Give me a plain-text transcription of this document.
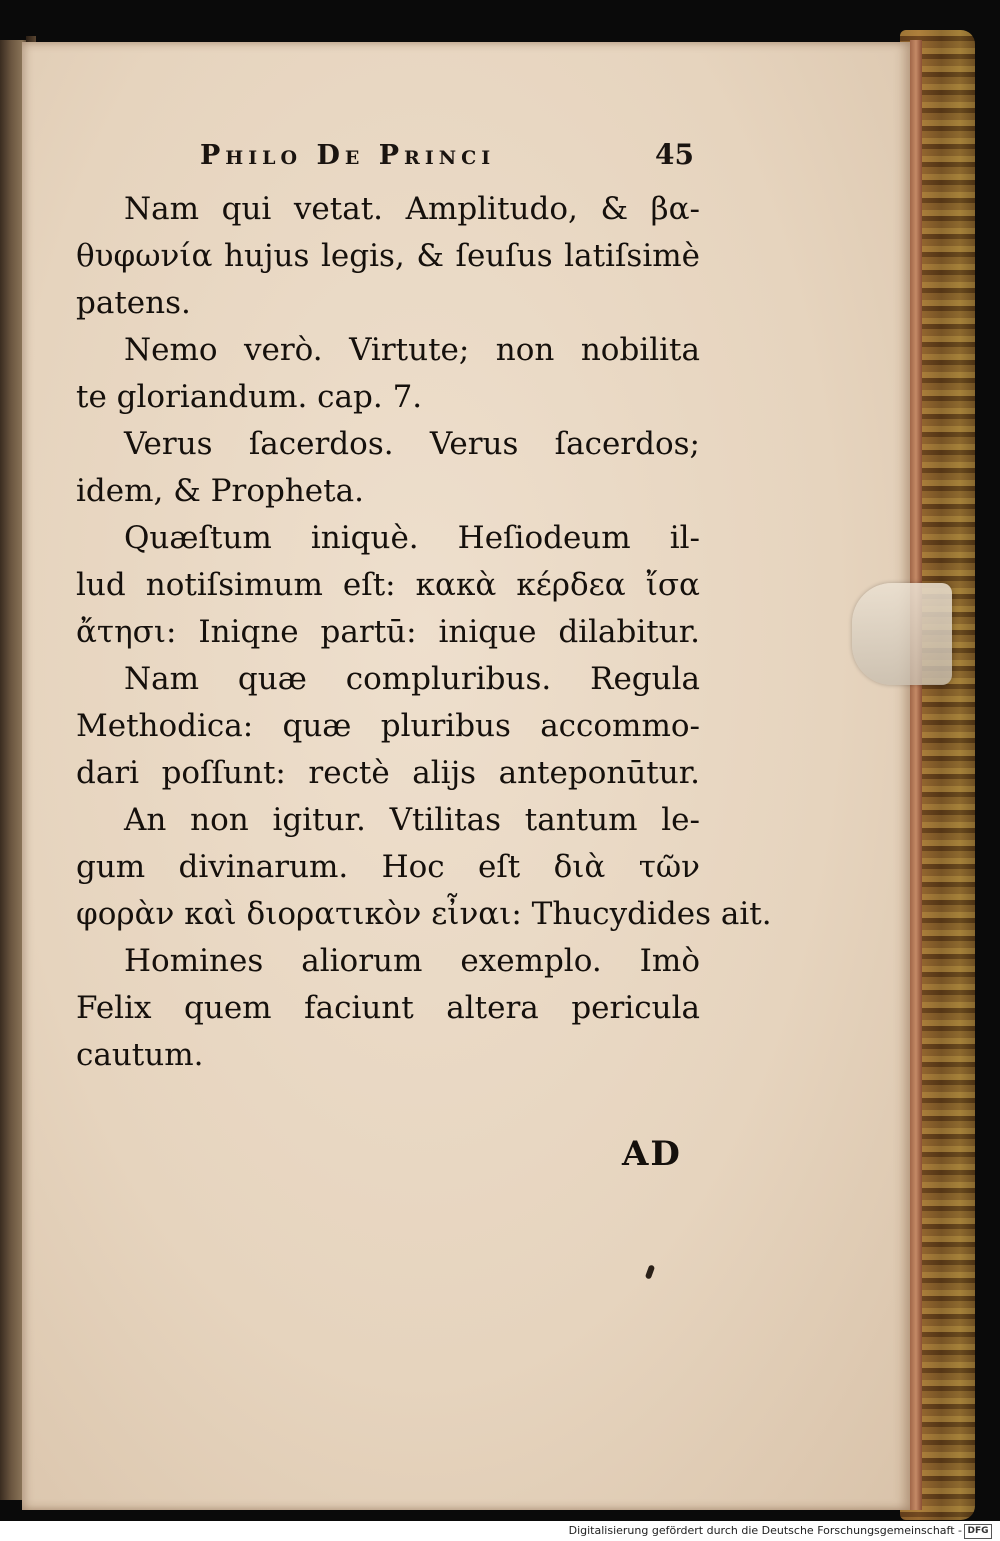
Philo De Princi	45
Nam qui vetat. Amplitudo, & βα-
θυφωνία hujus legis, & ſeuſus latiſsimè
patens.
Nemo verò. Virtute; non nobilita
te gloriandum. cap. 7.
Verus ſacerdos. Verus ſacerdos;
idem, & Propheta.
Quæſtum iniquè. Heſiodeum il-
lud notiſsimum eſt: κακὰ κέρδεα ἴσα
ἄτησι: Iniqne partū: inique dilabitur.
Nam quæ compluribus. Regula
Methodica: quæ pluribus accommo-
dari poſſunt: rectè alijs anteponūtur.
An non igitur. Vtilitas tantum le-
gum divinarum. Hoc eſt διὰ τῶν
φορὰν καὶ διορατικὸν εἶναι: Thucydides ait.
Homines aliorum exemplo. Imò
Felix quem faciunt altera pericula
cautum.
AD
Digitalisierung gefördert durch die Deutsche Forschungsgemeinschaft - DFG
